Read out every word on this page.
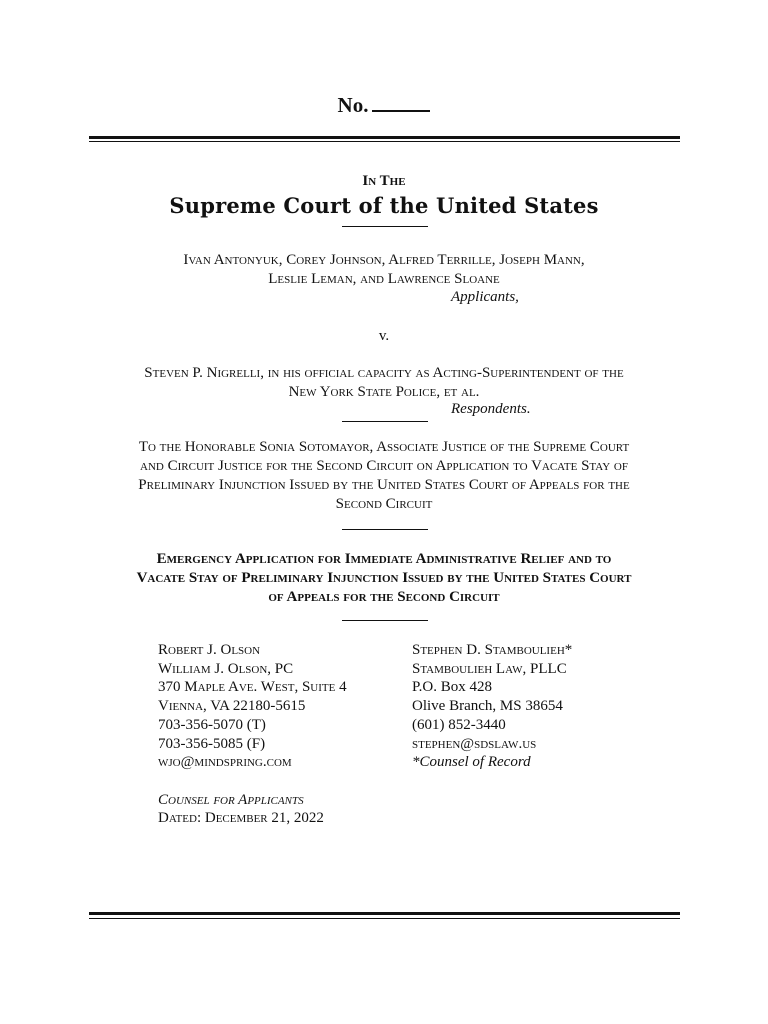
No.
In The
Supreme Court of the United States
Ivan Antonyuk, Corey Johnson, Alfred Terrille, Joseph Mann,
Leslie Leman, and Lawrence Sloane
Applicants,
v.
Steven P. Nigrelli, in his official capacity as Acting-Superintendent of the
New York State Police, et al.
Respondents.
To the Honorable Sonia Sotomayor, Associate Justice of the Supreme Court
and Circuit Justice for the Second Circuit on Application to Vacate Stay of
Preliminary Injunction Issued by the United States Court of Appeals for the
Second Circuit
Emergency Application for Immediate Administrative Relief and to
Vacate Stay of Preliminary Injunction Issued by the United States Court
of Appeals for the Second Circuit
Robert J. Olson
William J. Olson, PC
370 Maple Ave. West, Suite 4
Vienna, VA 22180-5615
703-356-5070 (T)
703-356-5085 (F)
wjo@mindspring.com
Counsel for Applicants
Dated: December 21, 2022
Stephen D. Stamboulieh*
Stamboulieh Law, PLLC
P.O. Box 428
Olive Branch, MS 38654
(601) 852-3440
stephen@sdslaw.us
*Counsel of Record
